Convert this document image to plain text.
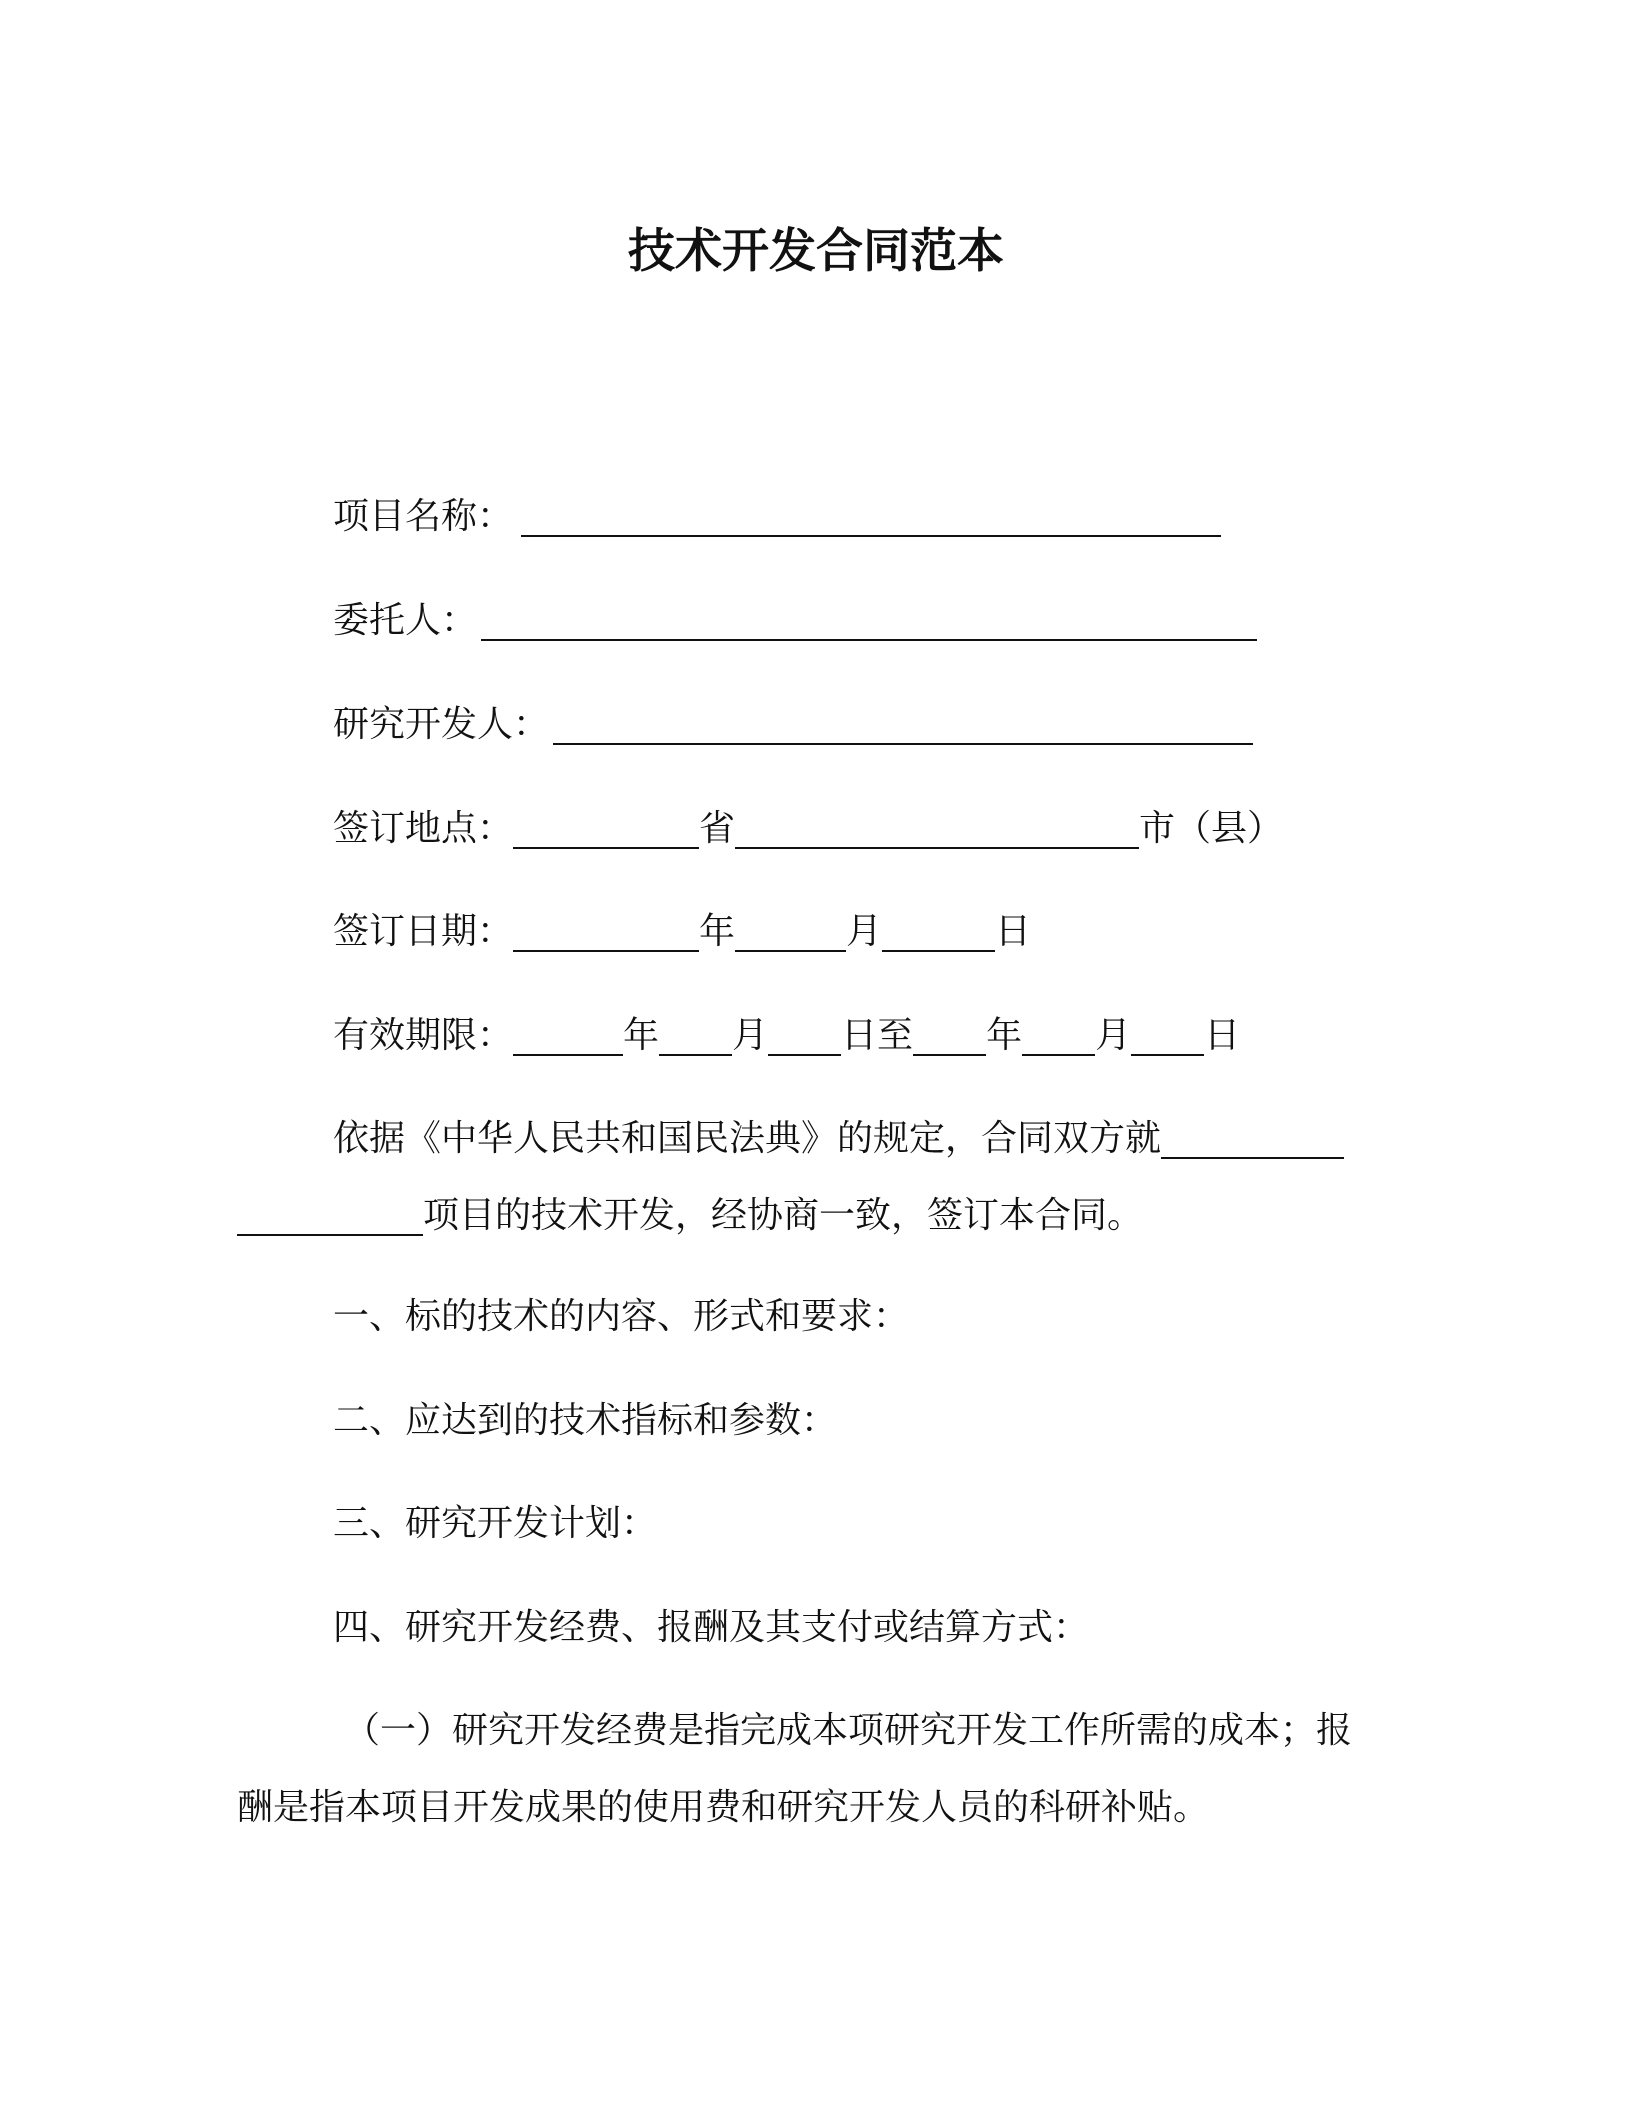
技术开发合同范本
项目名称：
委托人：
研究开发人：
签订地点：	省	市（县）
签订日期：	年	月	日
有效期限：	年 月 日至 年 月 日
依据《中华人民共和国民法典》的规定，合同双方就
项目的技术开发，经协商一致，签订本合同。
一、标的技术的内容、形式和要求：
二、应达到的技术指标和参数：
三、研究开发计划：
四、研究开发经费、报酬及其支付或结算方式：
（一）研究开发经费是指完成本项研究开发工作所需的成本；报
酬是指本项目开发成果的使用费和研究开发人员的科研补贴。
